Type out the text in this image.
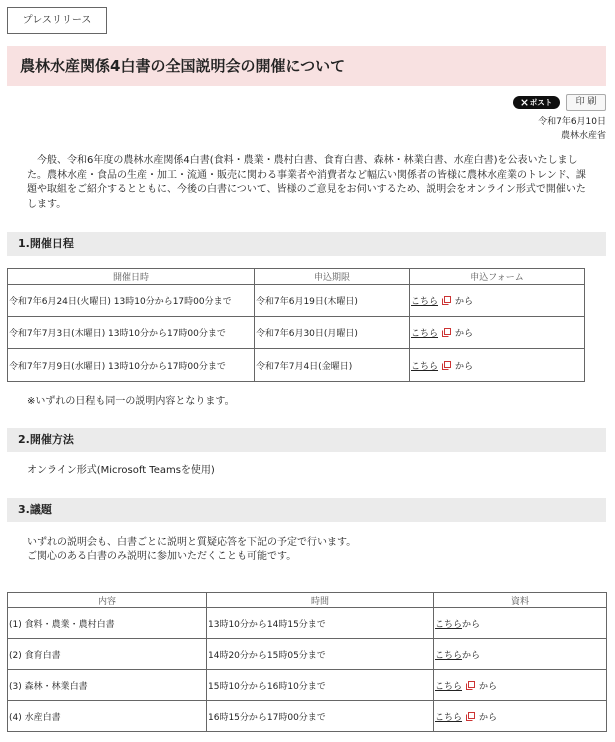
プレスリリース
農林水産関係4白書の全国説明会の開催について
ポスト	印 刷
令和7年6月10日
農林水産省

今般、令和6年度の農林水産関係4白書(食料・農業・農村白書、食育白書、森林・林業白書、水産白書)を公表いたしました。農林水産・食品の生産・加工・流通・販売に関わる事業者や消費者など幅広い関係者の皆様に農林水産業のトレンド、課題や取組をご紹介するとともに、今後の白書について、皆様のご意見をお伺いするため、説明会をオンライン形式で開催いたします。

1.開催日程
開催日時	申込期限	申込フォーム
令和7年6月24日(火曜日) 13時10分から17時00分まで	令和7年6月19日(木曜日)	こちら から
令和7年7月3日(木曜日) 13時10分から17時00分まで	令和7年6月30日(月曜日)	こちら から
令和7年7月9日(水曜日) 13時10分から17時00分まで	令和7年7月4日(金曜日)	こちら から

※いずれの日程も同一の説明内容となります。

2.開催方法

オンライン形式(Microsoft Teamsを使用)

3.議題
いずれの説明会も、白書ごとに説明と質疑応答を下記の予定で行います。
ご関心のある白書のみ説明に参加いただくことも可能です。
内容	時間	資料
(1) 食料・農業・農村白書	13時10分から14時15分まで	こちらから
(2) 食育白書	14時20分から15時05分まで	こちらから
(3) 森林・林業白書	15時10分から16時10分まで	こちら から
(4) 水産白書	16時15分から17時00分まで	こちら から
